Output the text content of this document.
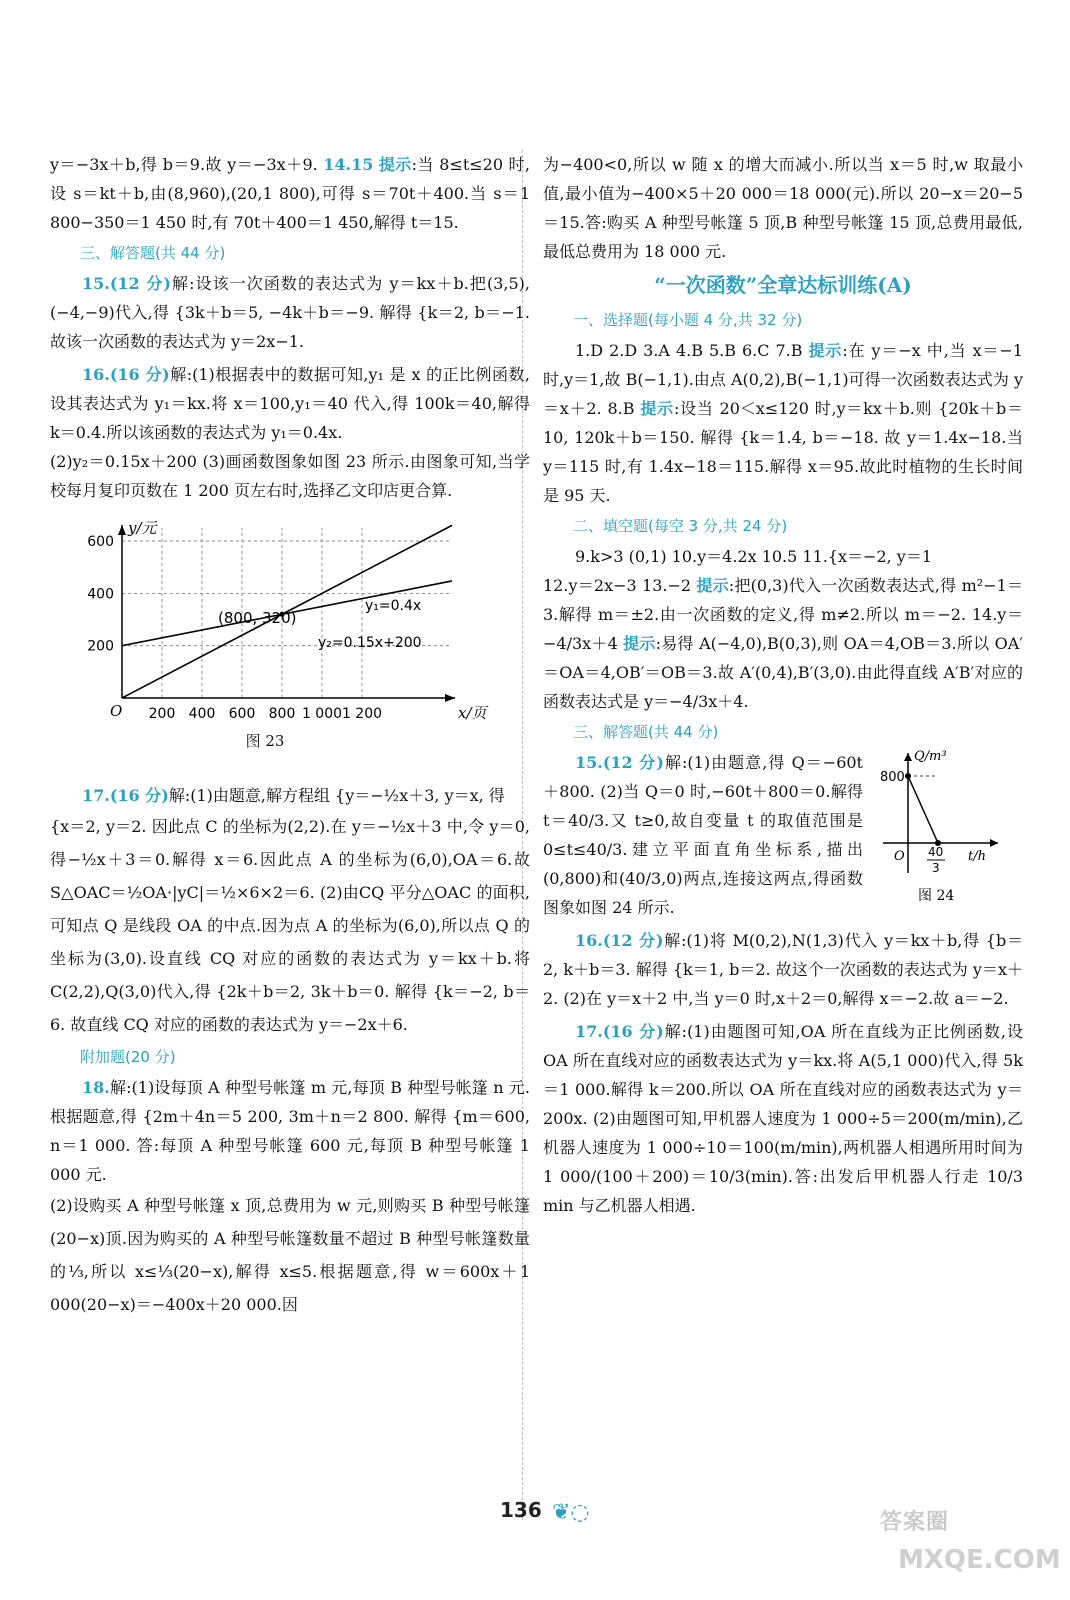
y＝−3x＋b,得 b＝9.故 y＝−3x＋9. 14.15 提示:当 8≤t≤20 时,设 s＝kt＋b,由(8,960),(20,1 800),可得 s＝70t＋400.当 s＝1 800−350＝1 450 时,有 70t＋400＝1 450,解得 t＝15.

三、解答题(共 44 分)

15.(12 分)解:设该一次函数的表达式为 y＝kx＋b.把(3,5),(−4,−9)代入,得 {3k＋b＝5, −4k＋b＝−9. 解得 {k＝2, b＝−1. 故该一次函数的表达式为 y＝2x−1.

16.(16 分)解:(1)根据表中的数据可知,y₁ 是 x 的正比例函数,设其表达式为 y₁＝kx.将 x＝100,y₁＝40 代入,得 100k＝40,解得 k＝0.4.所以该函数的表达式为 y₁＝0.4x.

(2)y₂＝0.15x＋200 (3)画函数图象如图 23 所示.由图象可知,当学校每月复印页数在 1 200 页左右时,选择乙文印店更合算.

200 400 600 800 1 000 1 200
200
400
600
y/元
x/页
O
(800, 320)
y₁=0.4x
y₂=0.15x+200
图 23

17.(16 分)解:(1)由题意,解方程组 {y＝−½x＋3, y＝x, 得

{x＝2, y＝2. 因此点 C 的坐标为(2,2).在 y＝−½x＋3 中,令 y＝0,得−½x＋3＝0.解得 x＝6.因此点 A 的坐标为(6,0),OA＝6.故 S△OAC＝½OA·|yC|＝½×6×2＝6. (2)由CQ 平分△OAC 的面积,可知点 Q 是线段 OA 的中点.因为点 A 的坐标为(6,0),所以点 Q 的坐标为(3,0).设直线 CQ 对应的函数的表达式为 y＝kx＋b.将 C(2,2),Q(3,0)代入,得 {2k＋b＝2, 3k＋b＝0. 解得 {k＝−2, b＝6. 故直线 CQ 对应的函数的表达式为 y＝−2x＋6.

附加题(20 分)

18.解:(1)设每顶 A 种型号帐篷 m 元,每顶 B 种型号帐篷 n 元.根据题意,得 {2m＋4n＝5 200, 3m＋n＝2 800. 解得 {m＝600, n＝1 000. 答:每顶 A 种型号帐篷 600 元,每顶 B 种型号帐篷 1 000 元.

(2)设购买 A 种型号帐篷 x 顶,总费用为 w 元,则购买 B 种型号帐篷(20−x)顶.因为购买的 A 种型号帐篷数量不超过 B 种型号帐篷数量的⅓,所以 x≤⅓(20−x),解得 x≤5.根据题意,得 w＝600x＋1 000(20−x)＝−400x＋20 000.因

为−400<0,所以 w 随 x 的增大而减小.所以当 x＝5 时,w 取最小值,最小值为−400×5＋20 000＝18 000(元).所以 20−x＝20−5＝15.答:购买 A 种型号帐篷 5 顶,B 种型号帐篷 15 顶,总费用最低,最低总费用为 18 000 元.

“一次函数”全章达标训练(A)
一、选择题(每小题 4 分,共 32 分)

1.D 2.D 3.A 4.B 5.B 6.C 7.B 提示:在 y＝−x 中,当 x＝−1 时,y＝1,故 B(−1,1).由点 A(0,2),B(−1,1)可得一次函数表达式为 y＝x＋2. 8.B 提示:设当 20＜x≤120 时,y＝kx＋b.则 {20k＋b＝10, 120k＋b＝150. 解得 {k＝1.4, b＝−18. 故 y＝1.4x−18.当 y＝115 时,有 1.4x−18＝115.解得 x＝95.故此时植物的生长时间是 95 天.

二、填空题(每空 3 分,共 24 分)

9.k>3 (0,1) 10.y＝4.2x 10.5 11.{x＝−2, y＝1

12.y＝2x−3 13.−2 提示:把(0,3)代入一次函数表达式,得 m²−1＝3.解得 m＝±2.由一次函数的定义,得 m≠2.所以 m＝−2. 14.y＝−4/3x＋4 提示:易得 A(−4,0),B(0,3),则 OA＝4,OB＝3.所以 OA′＝OA＝4,OB′＝OB＝3.故 A′(0,4),B′(3,0).由此得直线 A′B′对应的函数表达式是 y＝−4/3x＋4.

三、解答题(共 44 分)

15.(12 分)解:(1)由题意,得 Q＝−60t＋800. (2)当 Q＝0 时,−60t＋800＝0.解得 t＝40/3.又 t≥0,故自变量 t 的取值范围是 0≤t≤40/3.建立平面直角坐标系,描出(0,800)和(40/3,0)两点,连接这两点,得函数图象如图 24 所示.

Q/m³
800
O 40
3
t/h
图 24

16.(12 分)解:(1)将 M(0,2),N(1,3)代入 y＝kx＋b,得 {b＝2, k＋b＝3. 解得 {k＝1, b＝2. 故这个一次函数的表达式为 y＝x＋2. (2)在 y＝x＋2 中,当 y＝0 时,x＋2＝0,解得 x＝−2.故 a＝−2.

17.(16 分)解:(1)由题图可知,OA 所在直线为正比例函数,设 OA 所在直线对应的函数表达式为 y＝kx.将 A(5,1 000)代入,得 5k＝1 000.解得 k＝200.所以 OA 所在直线对应的函数表达式为 y＝200x. (2)由题图可知,甲机器人速度为 1 000÷5＝200(m/min),乙机器人速度为 1 000÷10＝100(m/min),两机器人相遇所用时间为 1 000/(100＋200)＝10/3(min).答:出发后甲机器人行走 10/3 min 与乙机器人相遇.

136 ❦◌	答案圈
MXQE.COM
